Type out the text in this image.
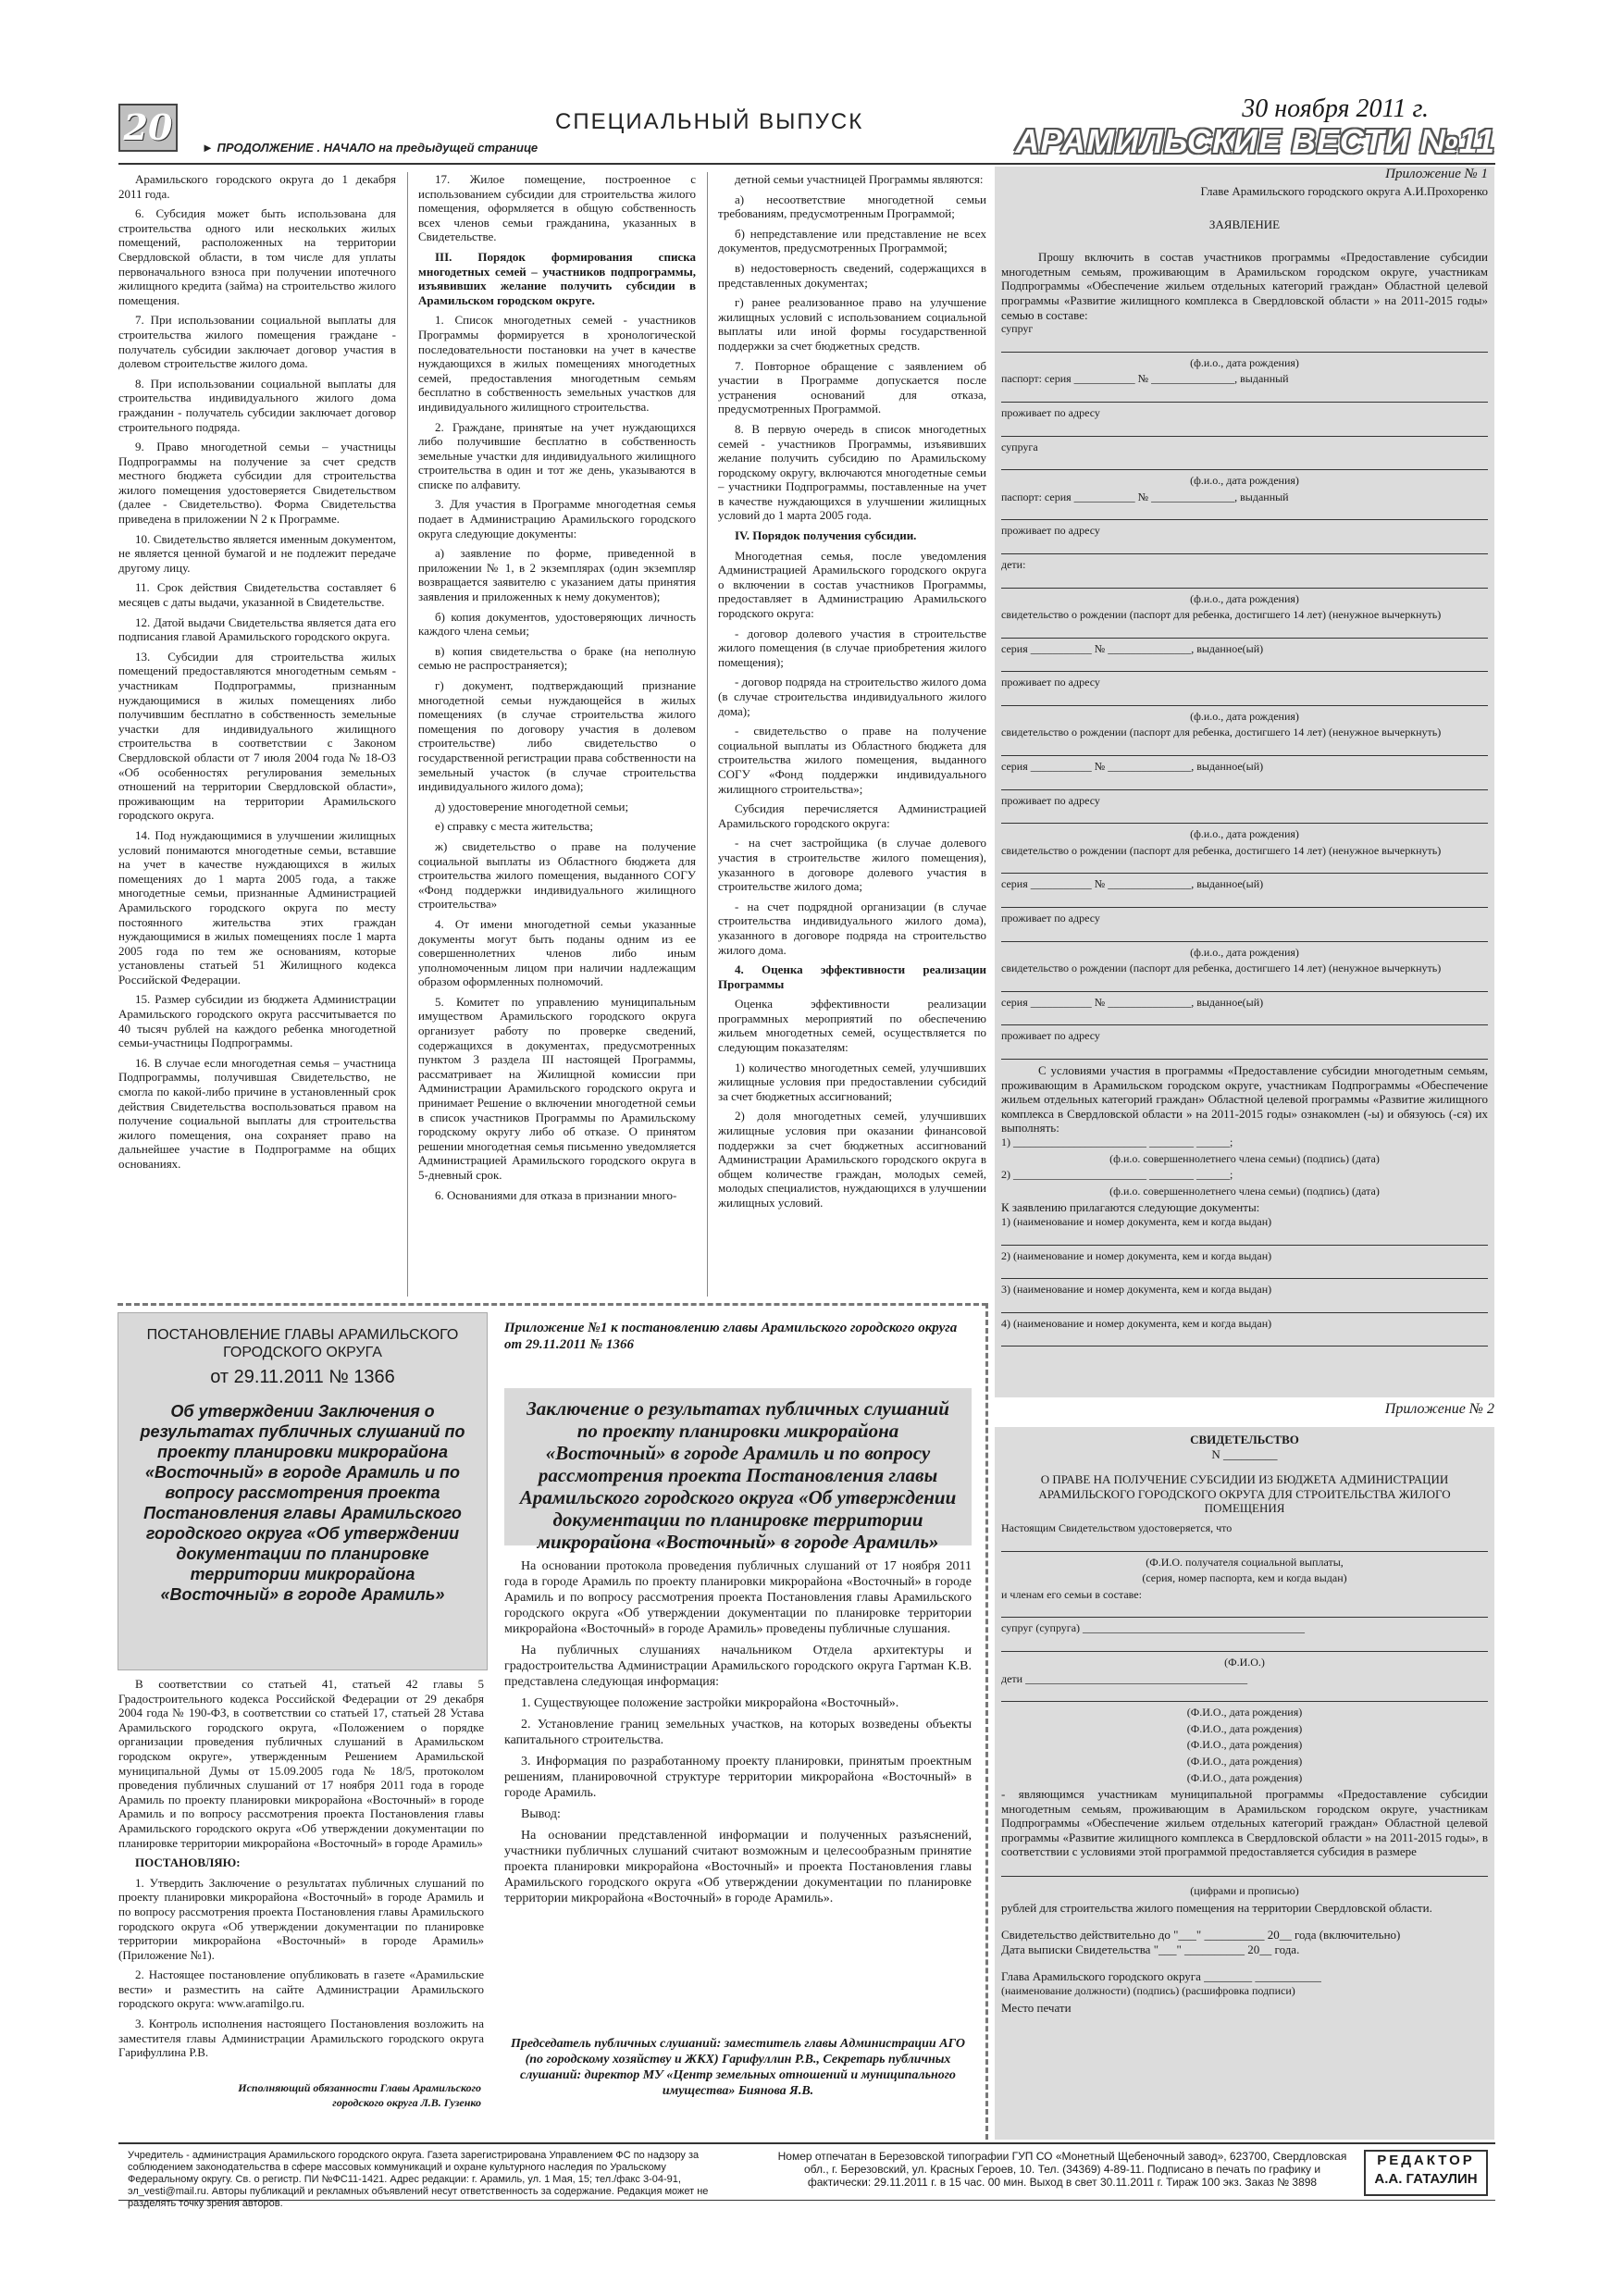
20	СПЕЦИАЛЬНЫЙ ВЫПУСК
► ПРОДОЛЖЕНИЕ . НАЧАЛО на предыдущей странице
30 ноября 2011 г.
АРАМИЛЬСКИЕ ВЕСТИ №11

Арамильского городского округа до 1 декабря 2011 года.

6. Субсидия может быть использована для строительства одного или нескольких жилых помещений, расположенных на территории Свердловской области, в том числе для уплаты первоначального взноса при получении ипотечного жилищного кредита (займа) на строительство жилого помещения.

7. При использовании социальной выплаты для строительства жилого помещения граждане - получатель субсидии заключает договор участия в долевом строительстве жилого дома.

8. При использовании социальной выплаты для строительства индивидуального жилого дома гражданин - получатель субсидии заключает договор строительного подряда.

9. Право многодетной семьи – участницы Подпрограммы на получение за счет средств местного бюджета субсидии для строительства жилого помещения удостоверяется Свидетельством (далее - Свидетельство). Форма Свидетельства приведена в приложении N 2 к Программе.

10. Свидетельство является именным документом, не является ценной бумагой и не подлежит передаче другому лицу.

11. Срок действия Свидетельства составляет 6 месяцев с даты выдачи, указанной в Свидетельстве.

12. Датой выдачи Свидетельства является дата его подписания главой Арамильского городского округа.

13. Субсидии для строительства жилых помещений предоставляются многодетным семьям - участникам Подпрограммы, признанным нуждающимися в жилых помещениях либо получившим бесплатно в собственность земельные участки для индивидуального жилищного строительства в соответствии с Законом Свердловской области от 7 июля 2004 года № 18-ОЗ «Об особенностях регулирования земельных отношений на территории Свердловской области», проживающим на территории Арамильского городского округа.

14. Под нуждающимися в улучшении жилищных условий понимаются многодетные семьи, вставшие на учет в качестве нуждающихся в жилых помещениях до 1 марта 2005 года, а также многодетные семьи, признанные Администрацией Арамильского городского округа по месту постоянного жительства этих граждан нуждающимися в жилых помещениях после 1 марта 2005 года по тем же основаниям, которые установлены статьей 51 Жилищного кодекса Российской Федерации.

15. Размер субсидии из бюджета Администрации Арамильского городского округа рассчитывается по 40 тысяч рублей на каждого ребенка многодетной семьи-участницы Подпрограммы.

16. В случае если многодетная семья – участница Подпрограммы, получившая Свидетельство, не смогла по какой-либо причине в установленный срок действия Свидетельства воспользоваться правом на получение социальной выплаты для строительства жилого помещения, она сохраняет право на дальнейшее участие в Подпрограмме на общих основаниях.

17. Жилое помещение, построенное с использованием субсидии для строительства жилого помещения, оформляется в общую собственность всех членов семьи гражданина, указанных в Свидетельстве.

III. Порядок формирования списка многодетных семей – участников подпрограммы, изъявивших желание получить субсидии в Арамильском городском округе.

1. Список многодетных семей - участников Программы формируется в хронологической последовательности постановки на учет в качестве нуждающихся в жилых помещениях многодетных семей, предоставления многодетным семьям бесплатно в собственность земельных участков для индивидуального жилищного строительства.

2. Граждане, принятые на учет нуждающихся либо получившие бесплатно в собственность земельные участки для индивидуального жилищного строительства в один и тот же день, указываются в списке по алфавиту.

3. Для участия в Программе многодетная семья подает в Администрацию Арамильского городского округа следующие документы:

а) заявление по форме, приведенной в приложении № 1, в 2 экземплярах (один экземпляр возвращается заявителю с указанием даты принятия заявления и приложенных к нему документов);

б) копия документов, удостоверяющих личность каждого члена семьи;

в) копия свидетельства о браке (на неполную семью не распространяется);

г) документ, подтверждающий признание многодетной семьи нуждающейся в жилых помещениях (в случае строительства жилого помещения по договору участия в долевом строительстве) либо свидетельство о государственной регистрации права собственности на земельный участок (в случае строительства индивидуального жилого дома);

д) удостоверение многодетной семьи;

е) справку с места жительства;

ж) свидетельство о праве на получение социальной выплаты из Областного бюджета для строительства жилого помещения, выданного СОГУ «Фонд поддержки индивидуального жилищного строительства»

4. От имени многодетной семьи указанные документы могут быть поданы одним из ее совершеннолетних членов либо иным уполномоченным лицом при наличии надлежащим образом оформленных полномочий.

5. Комитет по управлению муниципальным имуществом Арамильского городского округа организует работу по проверке сведений, содержащихся в документах, предусмотренных пунктом 3 раздела III настоящей Программы, рассматривает на Жилищной комиссии при Администрации Арамильского городского округа и принимает Решение о включении многодетной семьи в список участников Программы по Арамильскому городскому округу либо об отказе. О принятом решении многодетная семья письменно уведомляется Администрацией Арамильского городского округа в 5-дневный срок.

6. Основаниями для отказа в признании много-

детной семьи участницей Программы являются:

а) несоответствие многодетной семьи требованиям, предусмотренным Программой;

б) непредставление или представление не всех документов, предусмотренных Программой;

в) недостоверность сведений, содержащихся в представленных документах;

г) ранее реализованное право на улучшение жилищных условий с использованием социальной выплаты или иной формы государственной поддержки за счет бюджетных средств.

7. Повторное обращение с заявлением об участии в Программе допускается после устранения оснований для отказа, предусмотренных Программой.

8. В первую очередь в список многодетных семей - участников Программы, изъявивших желание получить субсидию по Арамильскому городскому округу, включаются многодетные семьи – участники Подпрограммы, поставленные на учет в качестве нуждающихся в улучшении жилищных условий до 1 марта 2005 года.

IV. Порядок получения субсидии.

Многодетная семья, после уведомления Администрацией Арамильского городского округа о включении в состав участников Программы, предоставляет в Администрацию Арамильского городского округа:

- договор долевого участия в строительстве жилого помещения (в случае приобретения жилого помещения);

- договор подряда на строительство жилого дома (в случае строительства индивидуального жилого дома);

- свидетельство о праве на получение социальной выплаты из Областного бюджета для строительства жилого помещения, выданного СОГУ «Фонд поддержки индивидуального жилищного строительства»;

Субсидия перечисляется Администрацией Арамильского городского округа:

- на счет застройщика (в случае долевого участия в строительстве жилого помещения), указанного в договоре долевого участия в строительстве жилого дома;

- на счет подрядной организации (в случае строительства индивидуального жилого дома), указанного в договоре подряда на строительство жилого дома.

4. Оценка эффективности реализации Программы

Оценка эффективности реализации программных мероприятий по обеспечению жильем многодетных семей, осуществляется по следующим показателям:

1) количество многодетных семей, улучшивших жилищные условия при предоставлении субсидий за счет бюджетных ассигнований;

2) доля многодетных семей, улучшивших жилищные условия при оказании финансовой поддержки за счет бюджетных ассигнований Администрации Арамильского городского округа в общем количестве граждан, молодых семей, молодых специалистов, нуждающихся в улучшении жилищных условий.

Приложение № 1
Главе Арамильского городского округа А.И.Прохоренко
ЗАЯВЛЕНИЕ
Прошу включить в состав участников программы «Предоставление субсидии многодетным семьям, проживающим в Арамильском городском округе, участникам Подпрограммы «Обеспечение жильем отдельных категорий граждан» Областной целевой программы «Развитие жилищного комплекса в Свердловской области » на 2011-2015 годы» семью в составе:
супруг
(ф.и.о., дата рождения)
паспорт: серия ___________ № _______________, выданный
проживает по адресу
супруга
(ф.и.о., дата рождения)
паспорт: серия ___________ № _______________, выданный
проживает по адресу
дети:
(ф.и.о., дата рождения)
свидетельство о рождении (паспорт для ребенка, достигшего 14 лет) (ненужное вычеркнуть)
серия ___________ № _______________, выданное(ый)
проживает по адресу
(ф.и.о., дата рождения)
свидетельство о рождении (паспорт для ребенка, достигшего 14 лет) (ненужное вычеркнуть)
серия ___________ № _______________, выданное(ый)
проживает по адресу
(ф.и.о., дата рождения)
свидетельство о рождении (паспорт для ребенка, достигшего 14 лет) (ненужное вычеркнуть)
серия ___________ № _______________, выданное(ый)
проживает по адресу
(ф.и.о., дата рождения)
свидетельство о рождении (паспорт для ребенка, достигшего 14 лет) (ненужное вычеркнуть)
серия ___________ № _______________, выданное(ый)
проживает по адресу
С условиями участия в программы «Предоставление субсидии многодетным семьям, проживающим в Арамильском городском округе, участникам Подпрограммы «Обеспечение жильем отдельных категорий граждан» Областной целевой программы «Развитие жилищного комплекса в Свердловской области » на 2011-2015 годы» ознакомлен (-ы) и обязуюсь (-ся) их выполнять:
1) ________________________ ________ ______;
(ф.и.о. совершеннолетнего члена семьи) (подпись) (дата)
2) ________________________ ________ ______;
(ф.и.о. совершеннолетнего члена семьи) (подпись) (дата)
К заявлению прилагаются следующие документы:
1) (наименование и номер документа, кем и когда выдан)
2) (наименование и номер документа, кем и когда выдан)
3) (наименование и номер документа, кем и когда выдан)
4) (наименование и номер документа, кем и когда выдан)
Приложение № 2
СВИДЕТЕЛЬСТВО
N _________
О ПРАВЕ НА ПОЛУЧЕНИЕ СУБСИДИИ ИЗ БЮДЖЕТА АДМИНИСТРАЦИИ АРАМИЛЬСКОГО ГОРОДСКОГО ОКРУГА ДЛЯ СТРОИТЕЛЬСТВА ЖИЛОГО ПОМЕЩЕНИЯ
Настоящим Свидетельством удостоверяется, что
(Ф.И.О. получателя социальной выплаты,
(серия, номер паспорта, кем и когда выдан)
и членам его семьи в составе:
супруг (супруга) ________________________________________
(Ф.И.О.)
дети ________________________________________
(Ф.И.О., дата рождения)
(Ф.И.О., дата рождения)
(Ф.И.О., дата рождения)
(Ф.И.О., дата рождения)
(Ф.И.О., дата рождения)
- являющимся участникам муниципальной программы «Предоставление субсидии многодетным семьям, проживающим в Арамильском городском округе, участникам Подпрограммы «Обеспечение жильем отдельных категорий граждан» Областной целевой программы «Развитие жилищного комплекса в Свердловской области » на 2011-2015 годы», в соответствии с условиями этой программой предоставляется субсидия в размере
(цифрами и прописью)
рублей для строительства жилого помещения на территории Свердловской области.
Свидетельство действительно до "___" __________ 20__ года (включительно)
Дата выписки Свидетельства "___" __________ 20__ года.
Глава Арамильского городского округа ________ ___________
(наименование должности) (подпись) (расшифровка подписи)
Место печати
ПОСТАНОВЛЕНИЕ ГЛАВЫ АРАМИЛЬСКОГО ГОРОДСКОГО ОКРУГА
от 29.11.2011 № 1366
Об утверждении Заключения о результатах публичных слушаний по проекту планировки микрорайона «Восточный» в городе Арамиль и по вопросу рассмотрения проекта Постановления главы Арамильского городского округа «Об утверждении документации по планировке территории микрорайона «Восточный» в городе Арамиль»

В соответствии со статьей 41, статьей 42 главы 5 Градостроительного кодекса Российской Федерации от 29 декабря 2004 года № 190-ФЗ, в соответствии со статьей 17, статьей 28 Устава Арамильского городского округа, «Положением о порядке организации проведения публичных слушаний в Арамильском городском округе», утвержденным Решением Арамильской муниципальной Думы от 15.09.2005 года № 18/5, протоколом проведения публичных слушаний от 17 ноября 2011 года в городе Арамиль по проекту планировки микрорайона «Восточный» в городе Арамиль и по вопросу рассмотрения проекта Постановления главы Арамильского городского округа «Об утверждении документации по планировке территории микрорайона «Восточный» в городе Арамиль»

ПОСТАНОВЛЯЮ:

1. Утвердить Заключение о результатах публичных слушаний по проекту планировки микрорайона «Восточный» в городе Арамиль и по вопросу рассмотрения проекта Постановления главы Арамильского городского округа «Об утверждении документации по планировке территории микрорайона «Восточный» в городе Арамиль» (Приложение №1).

2. Настоящее постановление опубликовать в газете «Арамильские вести» и разместить на сайте Администрации Арамильского городского округа: www.aramilgo.ru.

3. Контроль исполнения настоящего Постановления возложить на заместителя главы Администрации Арамильского городского округа Гарифуллина Р.В.

Исполняющий обязанности Главы Арамильского городского округа Л.В. Гузенко
Приложение №1 к постановлению главы Арамильского городского округа от 29.11.2011 № 1366
Заключение о результатах публичных слушаний по проекту планировки микрорайона «Восточный» в городе Арамиль и по вопросу рассмотрения проекта Постановления главы Арамильского городского округа «Об утверждении документации по планировке территории микрорайона «Восточный» в городе Арамиль»

На основании протокола проведения публичных слушаний от 17 ноября 2011 года в городе Арамиль по проекту планировки микрорайона «Восточный» в городе Арамиль и по вопросу рассмотрения проекта Постановления главы Арамильского городского округа «Об утверждении документации по планировке территории микрорайона «Восточный» в городе Арамиль» проведены публичные слушания.

На публичных слушаниях начальником Отдела архитектуры и градостроительства Администрации Арамильского городского округа Гартман К.В. представлена следующая информация:

1. Существующее положение застройки микрорайона «Восточный».

2. Установление границ земельных участков, на которых возведены объекты капитального строительства.

3. Информация по разработанному проекту планировки, принятым проектным решениям, планировочной структуре территории микрорайона «Восточный» в городе Арамиль.

Вывод:

На основании представленной информации и полученных разъяснений, участники публичных слушаний считают возможным и целесообразным принятие проекта планировки микрорайона «Восточный» и проекта Постановления главы Арамильского городского округа «Об утверждении документации по планировке территории микрорайона «Восточный» в городе Арамиль».

Председатель публичных слушаний: заместитель главы Администрации АГО (по городскому хозяйству и ЖКХ) Гарифуллин Р.В., Секретарь публичных слушаний: директор МУ «Центр земельных отношений и муниципального имущества» Биянова Я.В.
Учредитель - администрация Арамильского городского округа. Газета зарегистрирована Управлением ФС по надзору за соблюдением законодательства в сфере массовых коммуникаций и охране культурного наследия по Уральскому Федеральному округу. Св. о регистр. ПИ №ФС11-1421. Адрес редакции: г. Арамиль, ул. 1 Мая, 15; тел./факс 3-04-91, эл_vesti@mail.ru. Авторы публикаций и рекламных объявлений несут ответственность за содержание. Редакция может не разделять точку зрения авторов.
Номер отпечатан в Березовской типографии ГУП СО «Монетный Щебеночный завод», 623700, Свердловская обл., г. Березовский, ул. Красных Героев, 10. Тел. (34369) 4-89-11. Подписано в печать по графику и фактически: 29.11.2011 г. в 15 час. 00 мин. Выход в свет 30.11.2011 г. Тираж 100 экз. Заказ № 3898
РЕДАКТОР
А.А. ГАТАУЛИН
